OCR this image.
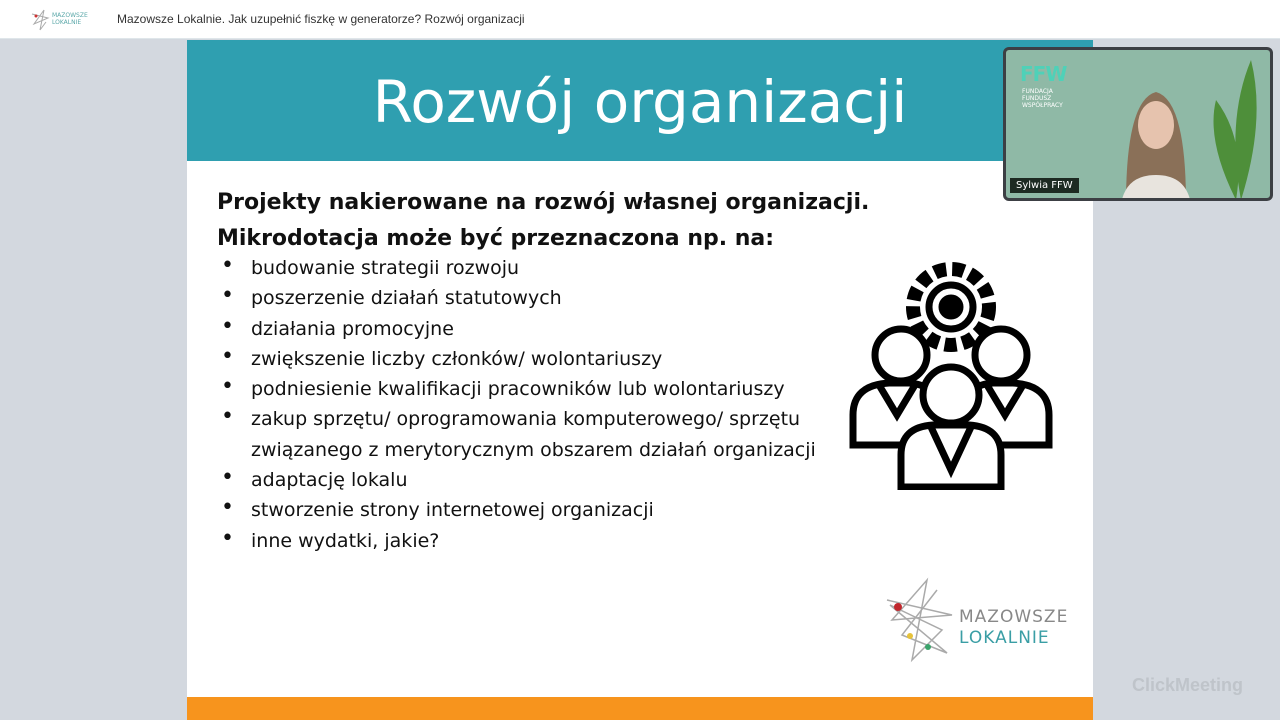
MAZOWSZE
LOKALNIE	Mazowsze Lokalnie. Jak uzupełnić fiszkę w generatorze? Rozwój organizacji
Rozwój organizacji
Projekty nakierowane na rozwój własnej organizacji.
Mikrodotacja może być przeznaczona np. na:
• budowanie strategii rozwoju
• poszerzenie działań statutowych
• działania promocyjne
• zwiększenie liczby członków/ wolontariuszy
• podniesienie kwalifikacji pracowników lub wolontariuszy
• zakup sprzętu/ oprogramowania komputerowego/ sprzętu związanego z merytorycznym obszarem działań organizacji
• adaptację lokalu
• stworzenie strony internetowej organizacji
• inne wydatki, jakie?
MAZOWSZE
LOKALNIE
FFW
FUNDACJA FUNDUSZ WSPÓŁPRACY
Sylwia FFW
ClickMeeting
